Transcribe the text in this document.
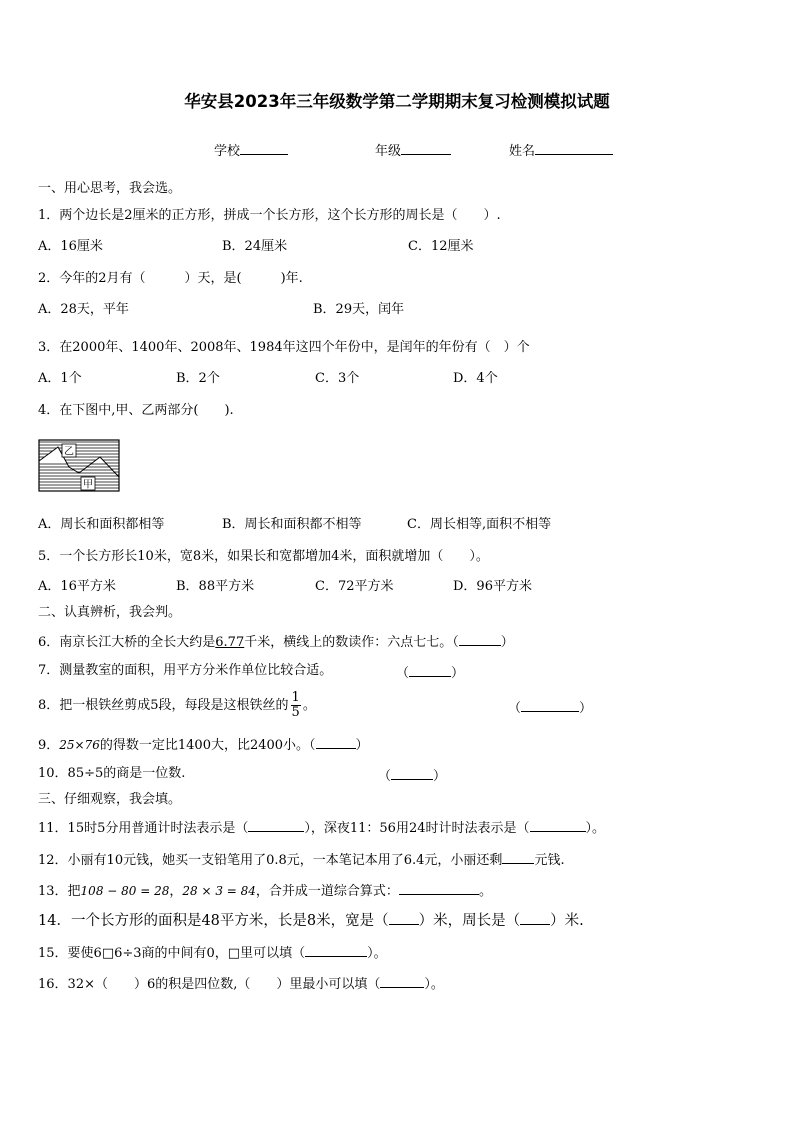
华安县2023年三年级数学第二学期期末复习检测模拟试题
学校	年级	姓名
一、用心思考，我会选。
1．两个边长是2厘米的正方形，拼成一个长方形，这个长方形的周长是（　　）.
A．16厘米	B．24厘米	C．12厘米
2．今年的2月有（　　　）天，是(　　　)年.
A．28天，平年	B．29天，闰年
3．在2000年、1400年、2008年、1984年这四个年份中，是闰年的年份有（　）个
A．1个	B．2个	C．3个	D．4个
4．在下图中,甲、乙两部分(　　).
乙
甲
A．周长和面积都相等	B．周长和面积都不相等	C．周长相等,面积不相等
5．一个长方形长10米，宽8米，如果长和宽都增加4米，面积就增加（　　）。
A．16平方米	B．88平方米	C．72平方米	D．96平方米
二、认真辨析，我会判。
6．南京长江大桥的全长大约是6.77千米，横线上的数读作：六点七七。（	）
7．测量教室的面积，用平方分米作单位比较合适。	（	）
8．把一根铁丝剪成5段，每段是这根铁丝的 $\frac{1}{5}$ 。	（	）
9．25×76的得数一定比1400大，比2400小。（	）
10．85÷5的商是一位数.	（	）
三、仔细观察，我会填。
11．15时5分用普通计时法表示是（	），深夜11：56用24时计时法表示是（	）。
12．小丽有10元钱，她买一支铅笔用了0.8元，一本笔记本用了6.4元，小丽还剩 元钱.
13．把108 − 80 = 28，28 × 3 = 84，合并成一道综合算式：	。
14．一个长方形的面积是48平方米，长是8米，宽是（ ）米，周长是（ ）米.
15．要使6□6÷3商的中间有0，□里可以填（	）。
16．32×（　　）6的积是四位数,（　　）里最小可以填（	）。
